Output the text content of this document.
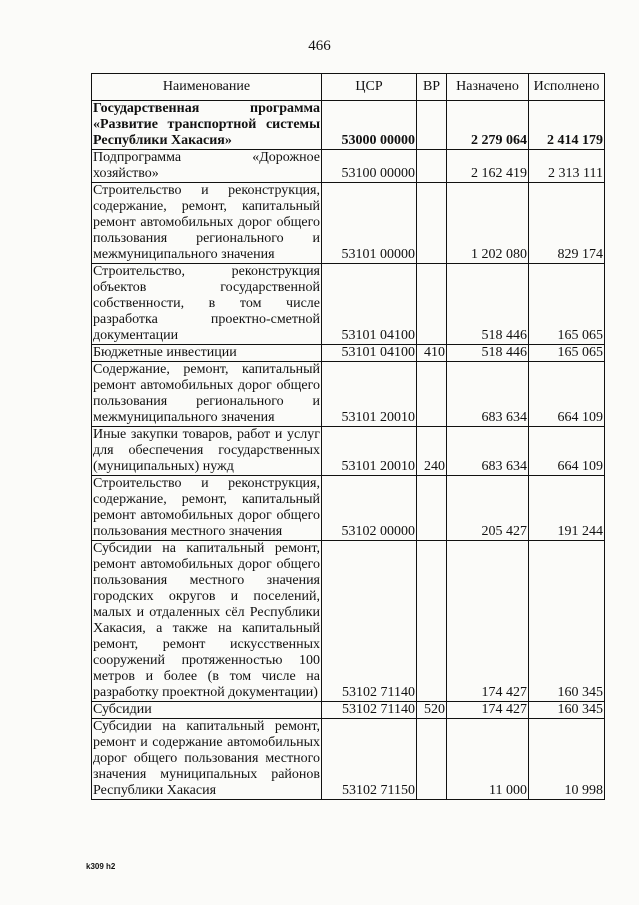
466
Наименование	ЦСР	ВР	Назначено	Исполнено
Государственная программа «Развитие транспортной системы Республики Хакасия»	53000 00000		2 279 064	2 414 179
Подпрограмма «Дорожное хозяйство»	53100 00000		2 162 419	2 313 111
Строительство и реконструкция, содержание, ремонт, капитальный ремонт автомобильных дорог общего пользования регионального и межмуниципального значения	53101 00000		1 202 080	829 174
Строительство, реконструкция объектов государственной собственности, в том числе разработка проектно-сметной документации	53101 04100		518 446	165 065
Бюджетные инвестиции	53101 04100	410	518 446	165 065
Содержание, ремонт, капитальный ремонт автомобильных дорог общего пользования регионального и межмуниципального значения	53101 20010		683 634	664 109
Иные закупки товаров, работ и услуг для обеспечения государственных (муниципальных) нужд	53101 20010	240	683 634	664 109
Строительство и реконструкция, содержание, ремонт, капитальный ремонт автомобильных дорог общего пользования местного значения	53102 00000		205 427	191 244
Субсидии на капитальный ремонт, ремонт автомобильных дорог общего пользования местного значения городских округов и поселений, малых и отдаленных сёл Республики Хакасия, а также на капитальный ремонт, ремонт искусственных сооружений протяженностью 100 метров и более (в том числе на разработку проектной документации)	53102 71140		174 427	160 345
Субсидии	53102 71140	520	174 427	160 345
Субсидии на капитальный ремонт, ремонт и содержание автомобильных дорог общего пользования местного значения муниципальных районов Республики Хакасия	53102 71150		11 000	10 998
k309 h2
